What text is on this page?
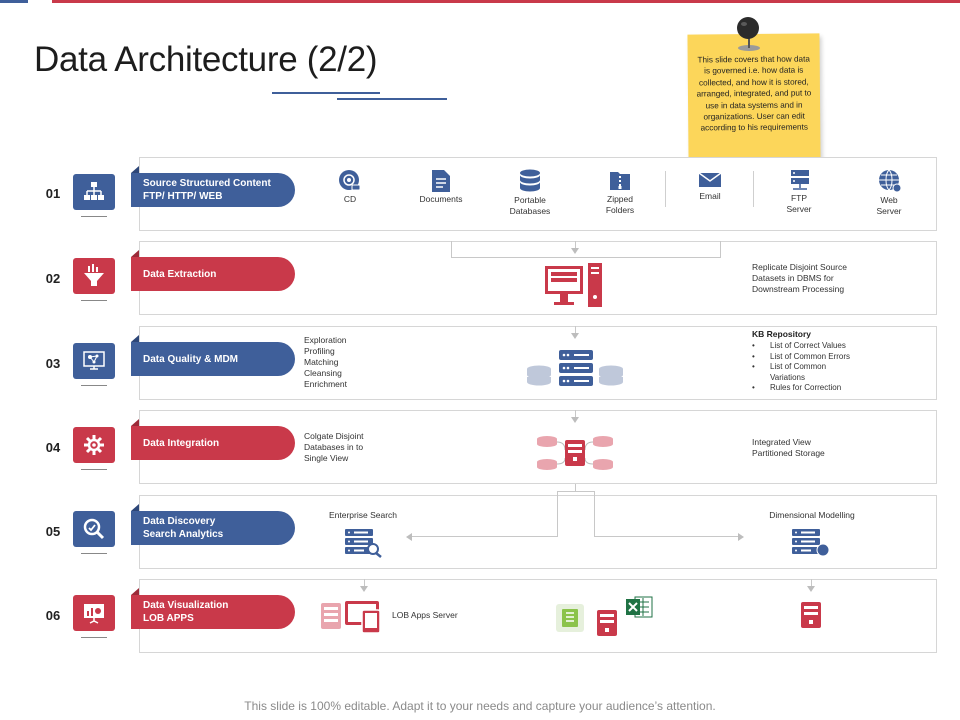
Data Architecture (2/2)	This slide covers that how data is governed i.e. how data is collected, and how it is stored, arranged, integrated, and put to use in data systems and in organizations. User can edit according to his requirements
01
02
03
04
05
06
Source Structured Content
FTP/ HTTP/ WEB
Data Extraction
Data Quality & MDM
Data Integration
Data Discovery
Search Analytics
Data Visualization
LOB APPS
CD	Documents	Portable
Databases
Zipped
Folders
Email	FTP
Server
Web
Server
Replicate Disjoint Source
Datasets in DBMS for
Downstream Processing
Exploration
Profiling
Matching
Cleansing
Enrichment
KB Repository
• List of Correct Values
• List of Common Errors
• List of Common
Variations
• Rules for Correction
Colgate Disjoint
Databases in to
Single View
Integrated View
Partitioned Storage
Enterprise Search	Dimensional Modelling
LOB Apps Server
This slide is 100% editable. Adapt it to your needs and capture your audience’s attention.
